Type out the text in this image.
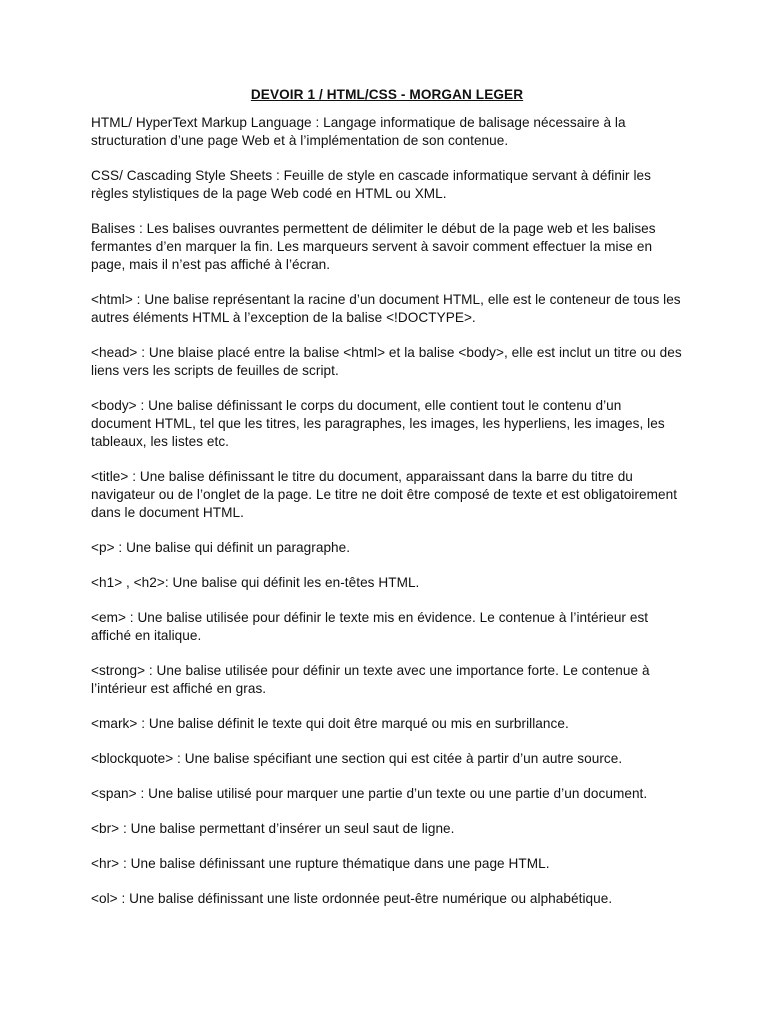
DEVOIR 1 / HTML/CSS - MORGAN LEGER
HTML/ HyperText Markup Language : Langage informatique de balisage nécessaire à la structuration d’une page Web et à l’implémentation de son contenue.
CSS/ Cascading Style Sheets : Feuille de style en cascade informatique servant à définir les règles stylistiques de la page Web codé en HTML ou XML.
Balises : Les balises ouvrantes permettent de délimiter le début de la page web et les balises fermantes d’en marquer la fin. Les marqueurs servent à savoir comment effectuer la mise en page, mais il n’est pas affiché à l’écran.
<html> : Une balise représentant la racine d’un document HTML, elle est le conteneur de tous les autres éléments HTML à l’exception de la balise <!DOCTYPE>.
<head> : Une blaise placé entre la balise <html> et la balise <body>, elle est inclut un titre ou des liens vers les scripts de feuilles de script.
<body> : Une balise définissant le corps du document, elle contient tout le contenu d’un document HTML, tel que les titres, les paragraphes, les images, les hyperliens, les images, les tableaux, les listes etc.
<title> : Une balise définissant le titre du document, apparaissant dans la barre du titre du navigateur ou de l’onglet de la page. Le titre ne doit être composé de texte et est obligatoirement dans le document HTML.
<p> : Une balise qui définit un paragraphe.
<h1> , <h2>: Une balise qui définit les en-têtes HTML.
<em> : Une balise utilisée pour définir le texte mis en évidence. Le contenue à l’intérieur est affiché en italique.
<strong> : Une balise utilisée pour définir un texte avec une importance forte. Le contenue à l’intérieur est affiché en gras.
<mark> : Une balise définit le texte qui doit être marqué ou mis en surbrillance.
<blockquote> : Une balise spécifiant une section qui est citée à partir d’un autre source.
<span> : Une balise utilisé pour marquer une partie d’un texte ou une partie d’un document.
<br> : Une balise permettant d’insérer un seul saut de ligne.
<hr> : Une balise définissant une rupture thématique dans une page HTML.
<ol> : Une balise définissant une liste ordonnée peut-être numérique ou alphabétique.
